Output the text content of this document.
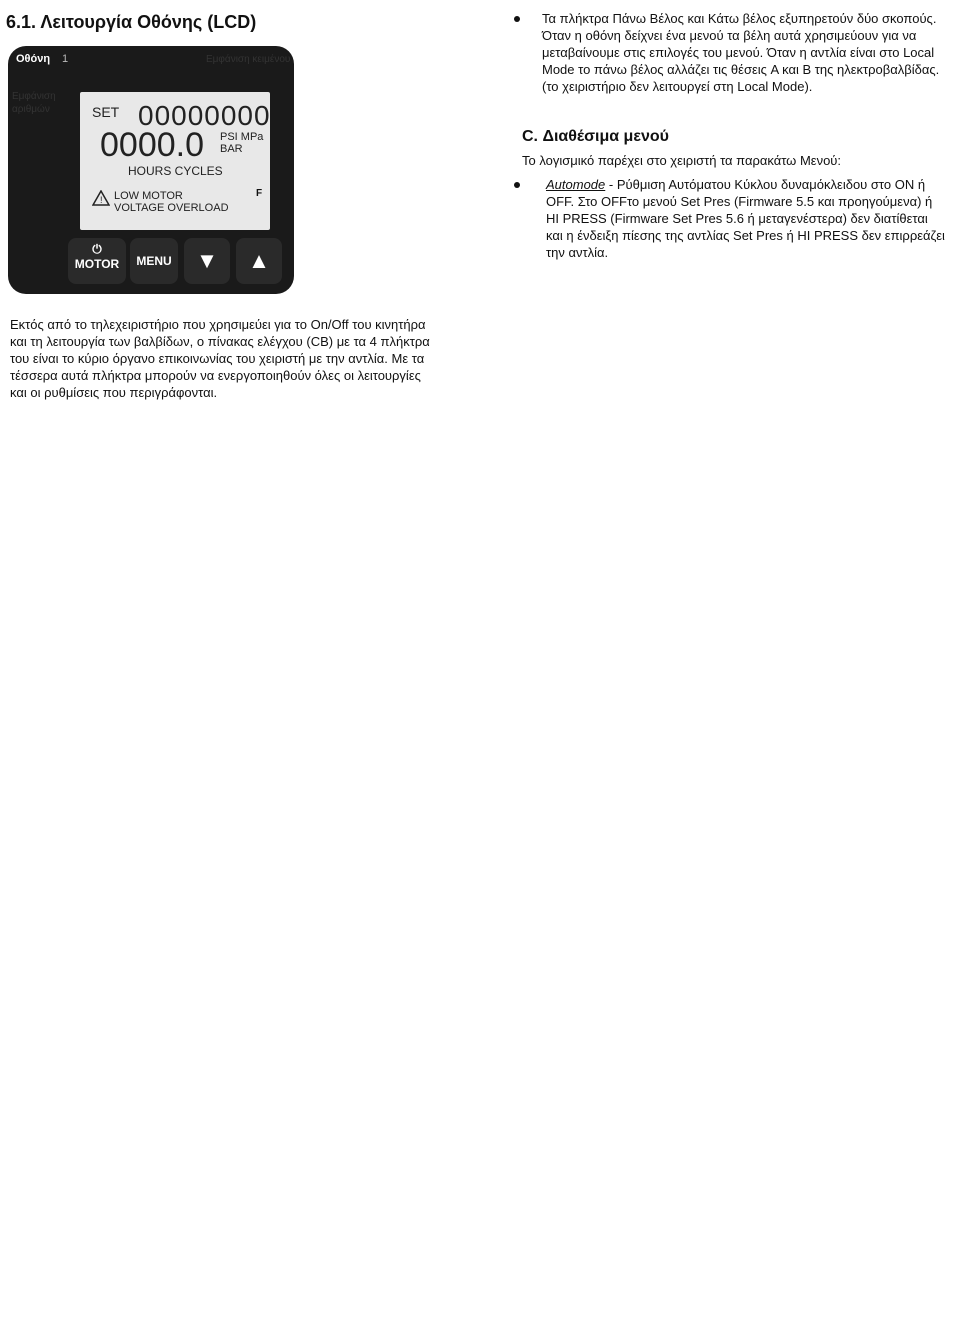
6.1. Λειτουργία Οθόνης (LCD)
Οθόνη 1	Εμφάνιση κειμένου
Εμφάνιση αριθμών	SET 00000000
0000.0 PSI MPa
BAR
HOURS CYCLES
LOW MOTOR
VOLTAGE OVERLOAD
!
F
⏻
MOTOR	MENU	▼	▲
Εκτός από το τηλεχειριστήριο που χρησιμεύει για το On/Off του κινητήρα και τη λειτουργία των βαλβίδων, ο πίνακας ελέγχου (CB) με τα 4 πλήκτρα του είναι το κύριο όργανο επικοινωνίας του χειριστή με την αντλία. Με τα τέσσερα αυτά πλήκτρα μπορούν να ενεργοποιηθούν όλες οι λειτουργίες και οι ρυθμίσεις που περιγράφονται.
Τα πλήκτρα Πάνω Βέλος και Κάτω βέλος εξυπηρετούν δύο σκοπούς. Όταν η οθόνη δείχνει ένα μενού τα βέλη αυτά χρησιμεύουν για να μεταβαίνουμε στις επιλογές του μενού. Όταν η αντλία είναι στο Local Mode το πάνω βέλος αλλάζει τις θέσεις A και B της ηλεκτροβαλβίδας. (το χειριστήριο δεν λειτουργεί στη Local Mode).
C. Διαθέσιμα μενού
Το λογισμικό παρέχει στο χειριστή τα παρακάτω Μενού:
Automode - Ρύθμιση Αυτόματου Κύκλου δυναμόκλειδου στο ON ή OFF. Στο OFFτο μενού Set Pres (Firmware 5.5 και προηγούμενα) ή HI PRESS (Firmware Set Pres 5.6 ή μεταγενέστερα) δεν διατίθεται και η ένδειξη πίεσης της αντλίας Set Pres ή HI PRESS δεν επιρρεάζει την αντλία.
